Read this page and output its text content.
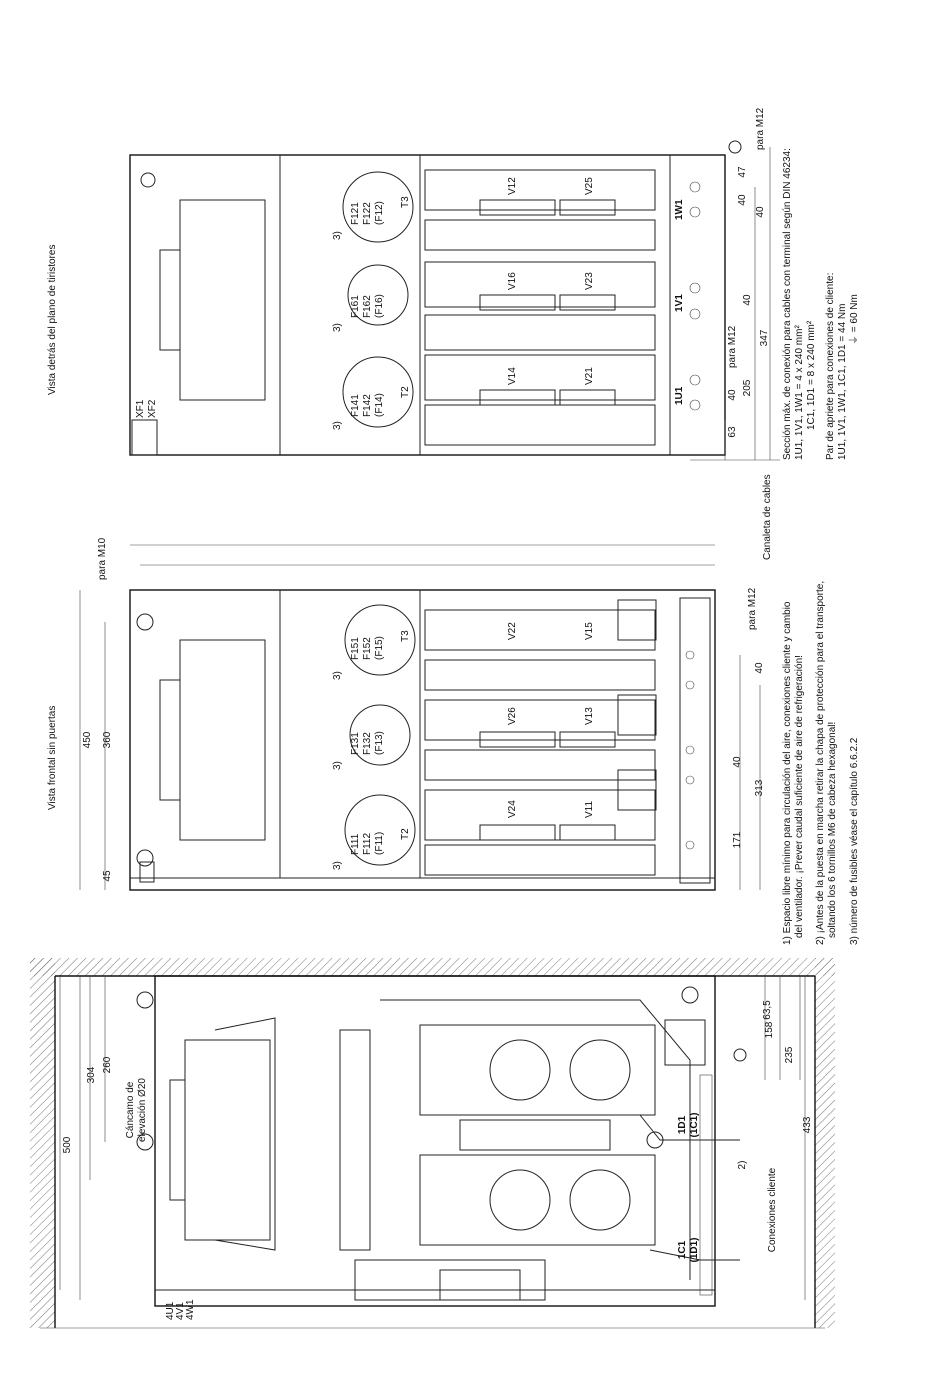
Vista frontal sin puertas
Vista detrás del plano de tiristores
500
304
260
Cáncamo de elevación Ø20
4U1 4V1 4W1
1D1 (1C1)
1C1 (1D1)
2)
Conexiones cliente
63,5
158
235
433
para M10
450 360
45
F151 F152 (F15) T3
3)
F131 F132 (F13)
3)
F111 F112 (F11) T2
3)
V22	V15
V26	V13
V24	V11
para M12
40
40
313
171	1) Espacio libre mínimo para circulación del aire, conexiones cliente y cambio del ventilador. ¡Prever caudal suficiente de aire de refrigeración! 2) ¡Antes de la puesta en marcha retirar la chapa de protección para el transporte, soltando los 6 tornillos M6 de cabeza hexagonal! 3) número de fusibles véase el capítulo 6.6.2.2
XF1 XF2
F121 F122 (F12) T3
3)
F161 F162 (F16)
3)
F141 F142 (F14)
T2
3)
V12	V25
V16	V23
V14	V21
1W1
1V1
1U1
para M12
para M12
47
40
40
40
347
205
40
63
Canaleta de cables
Sección máx. de conexión para cables con terminal según DIN 46234: 1U1, 1V1, 1W1 = 4 x 240 mm² 1C1, 1D1 = 8 x 240 mm² Par de apriete para conexiones de cliente: 1U1, 1V1, 1W1, 1C1, 1D1 = 44 Nm ⏚ = 60 Nm
